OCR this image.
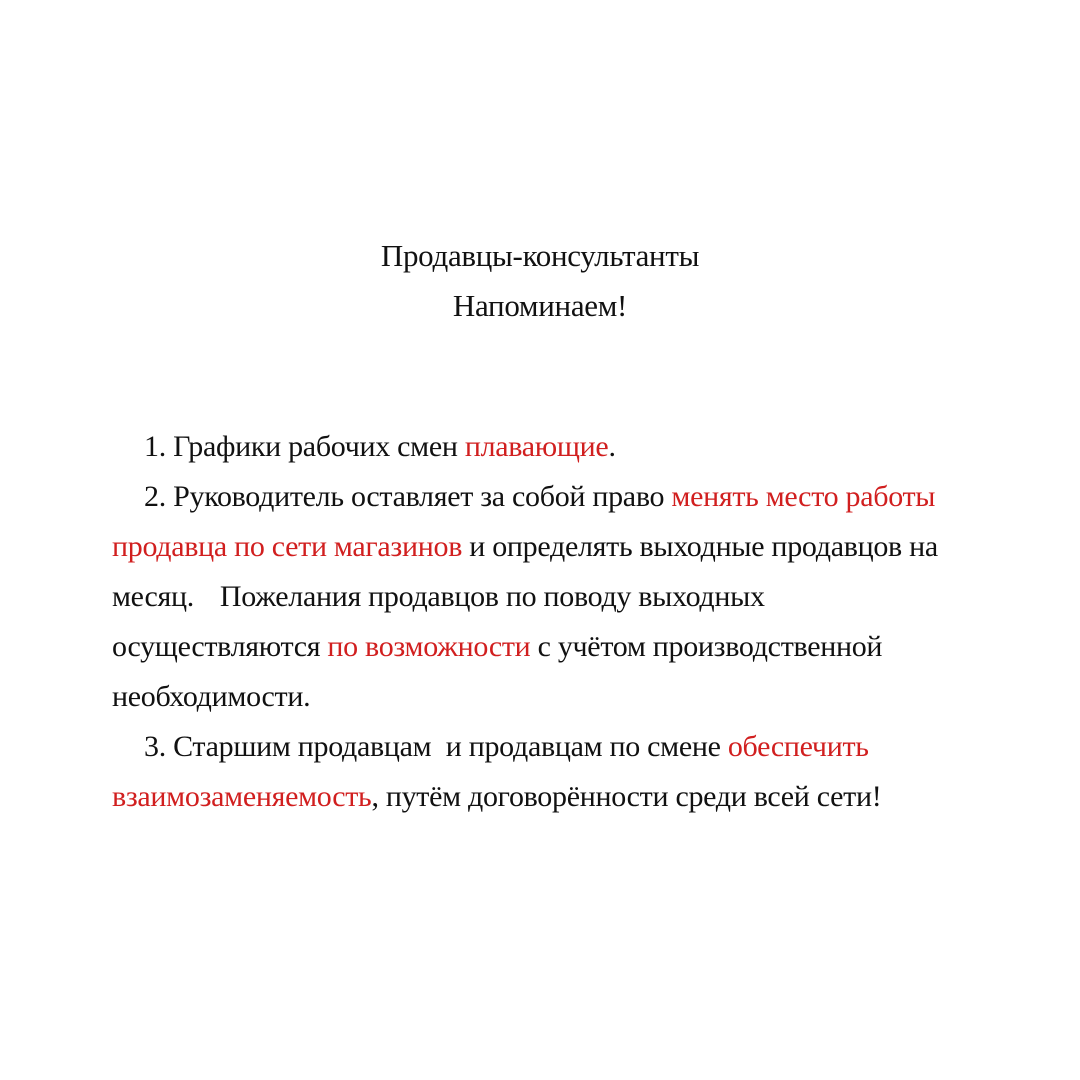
Продавцы-консультанты
Напоминаем!
1. Графики рабочих смен плавающие.
2. Руководитель оставляет за собой право менять место работы
продавца по сети магазинов и определять выходные продавцов на
месяц. Пожелания продавцов по поводу выходных
осуществляются по возможности с учётом производственной
необходимости.
3. Старшим продавцам  и продавцам по смене обеспечить
взаимозаменяемость, путём договорённости среди всей сети!
